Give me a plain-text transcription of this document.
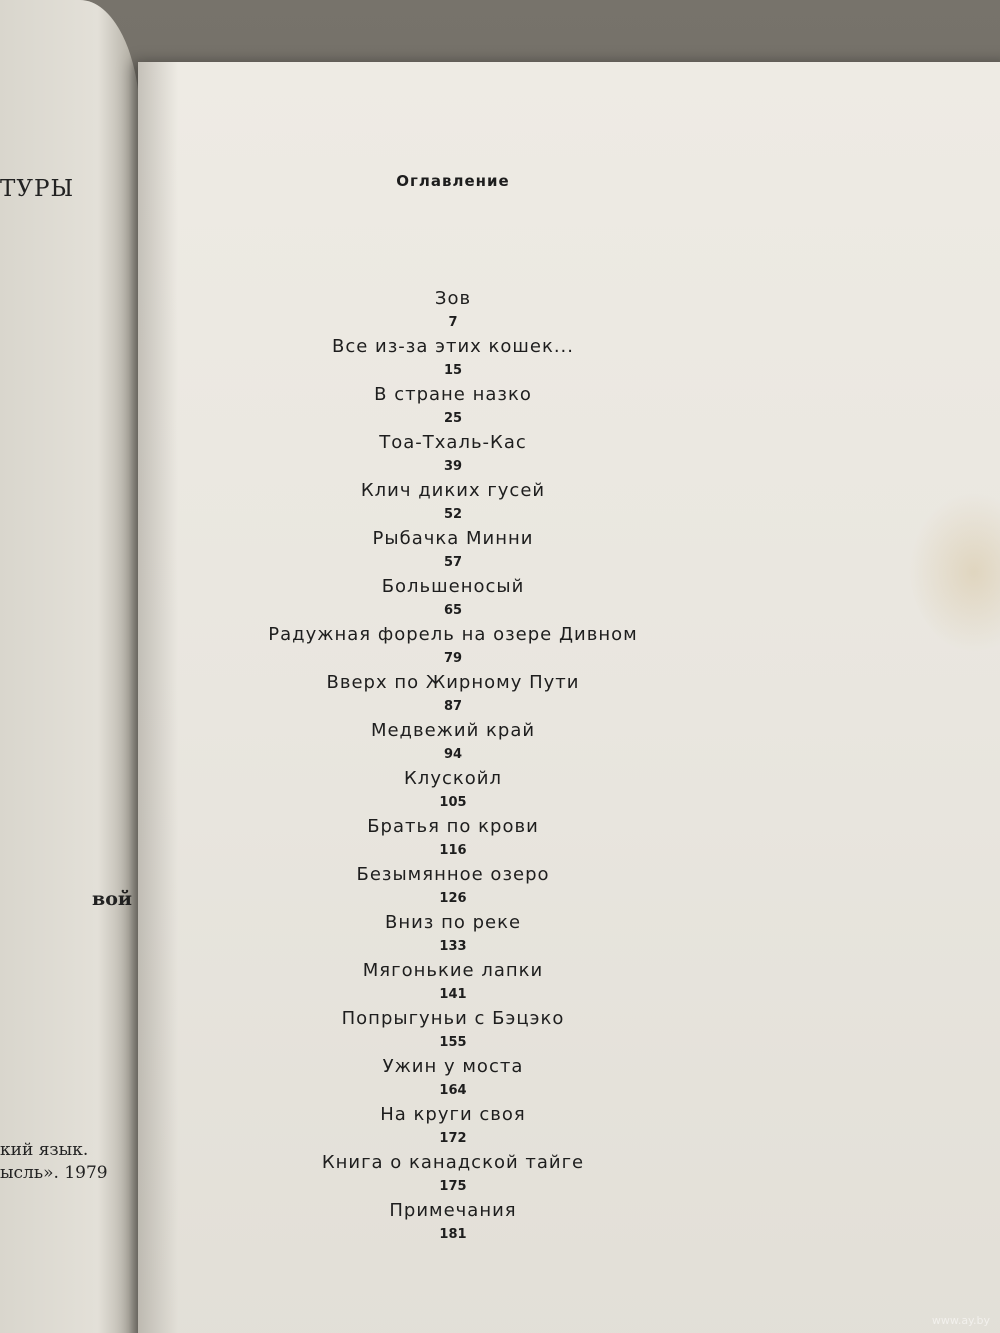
ТУРЫ
вой
кий язык.
ысль». 1979
Оглавление
Зов
7
Все из-за этих кошек...
15
В стране назко
25
Тоа-Тхаль-Кас
39
Клич диких гусей
52
Рыбачка Минни
57
Большеносый
65
Радужная форель на озере Дивном
79
Вверх по Жирному Пути
87
Медвежий край
94
Клускойл
105
Братья по крови
116
Безымянное озеро
126
Вниз по реке
133
Мягонькие лапки
141
Попрыгуньи с Бэцэко
155
Ужин у моста
164
На круги своя
172
Книга о канадской тайге
175
Примечания
181
www.ay.by
